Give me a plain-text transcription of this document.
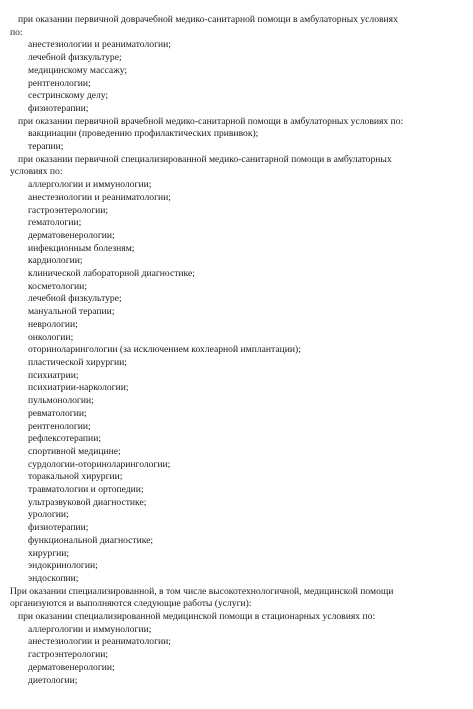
при оказании первичной доврачебной медико-санитарной помощи в амбулаторных условиях
по:
анестезиологии и реаниматологии;
лечебной физкультуре;
медицинскому массажу;
рентгенологии;
сестринскому делу;
физиотерапии;
при оказании первичной врачебной медико-санитарной помощи в амбулаторных условиях по:
вакцинации (проведению профилактических прививок);
терапии;
при оказании первичной специализированной медико-санитарной помощи в амбулаторных
условиях по:
аллергологии и иммунологии;
анестезиологии и реаниматологии;
гастроэнтерологии;
гематологии;
дерматовенерологии;
инфекционным болезням;
кардиологии;
клинической лабораторной диагностике;
косметологии;
лечебной физкультуре;
мануальной терапии;
неврологии;
онкологии;
оториноларингологии (за исключением кохлеарной имплантации);
пластической хирургии;
психиатрии;
психиатрии-наркологии;
пульмонологии;
ревматологии;
рентгенологии;
рефлексотерапии;
спортивной медицине;
сурдологии-оториноларингологии;
торакальной хирургии;
травматологии и ортопедии;
ультразвуковой диагностике;
урологии;
физиотерапии;
функциональной диагностике;
хирургии;
эндокринологии;
эндоскопии;
При оказании специализированной, в том числе высокотехнологичной, медицинской помощи
организуются и выполняются следующие работы (услуги):
при оказании специализированной медицинской помощи в стационарных условиях по:
аллергологии и иммунологии;
анестезиологии и реаниматологии;
гастроэнтерологии;
дерматовенерологии;
диетологии;
